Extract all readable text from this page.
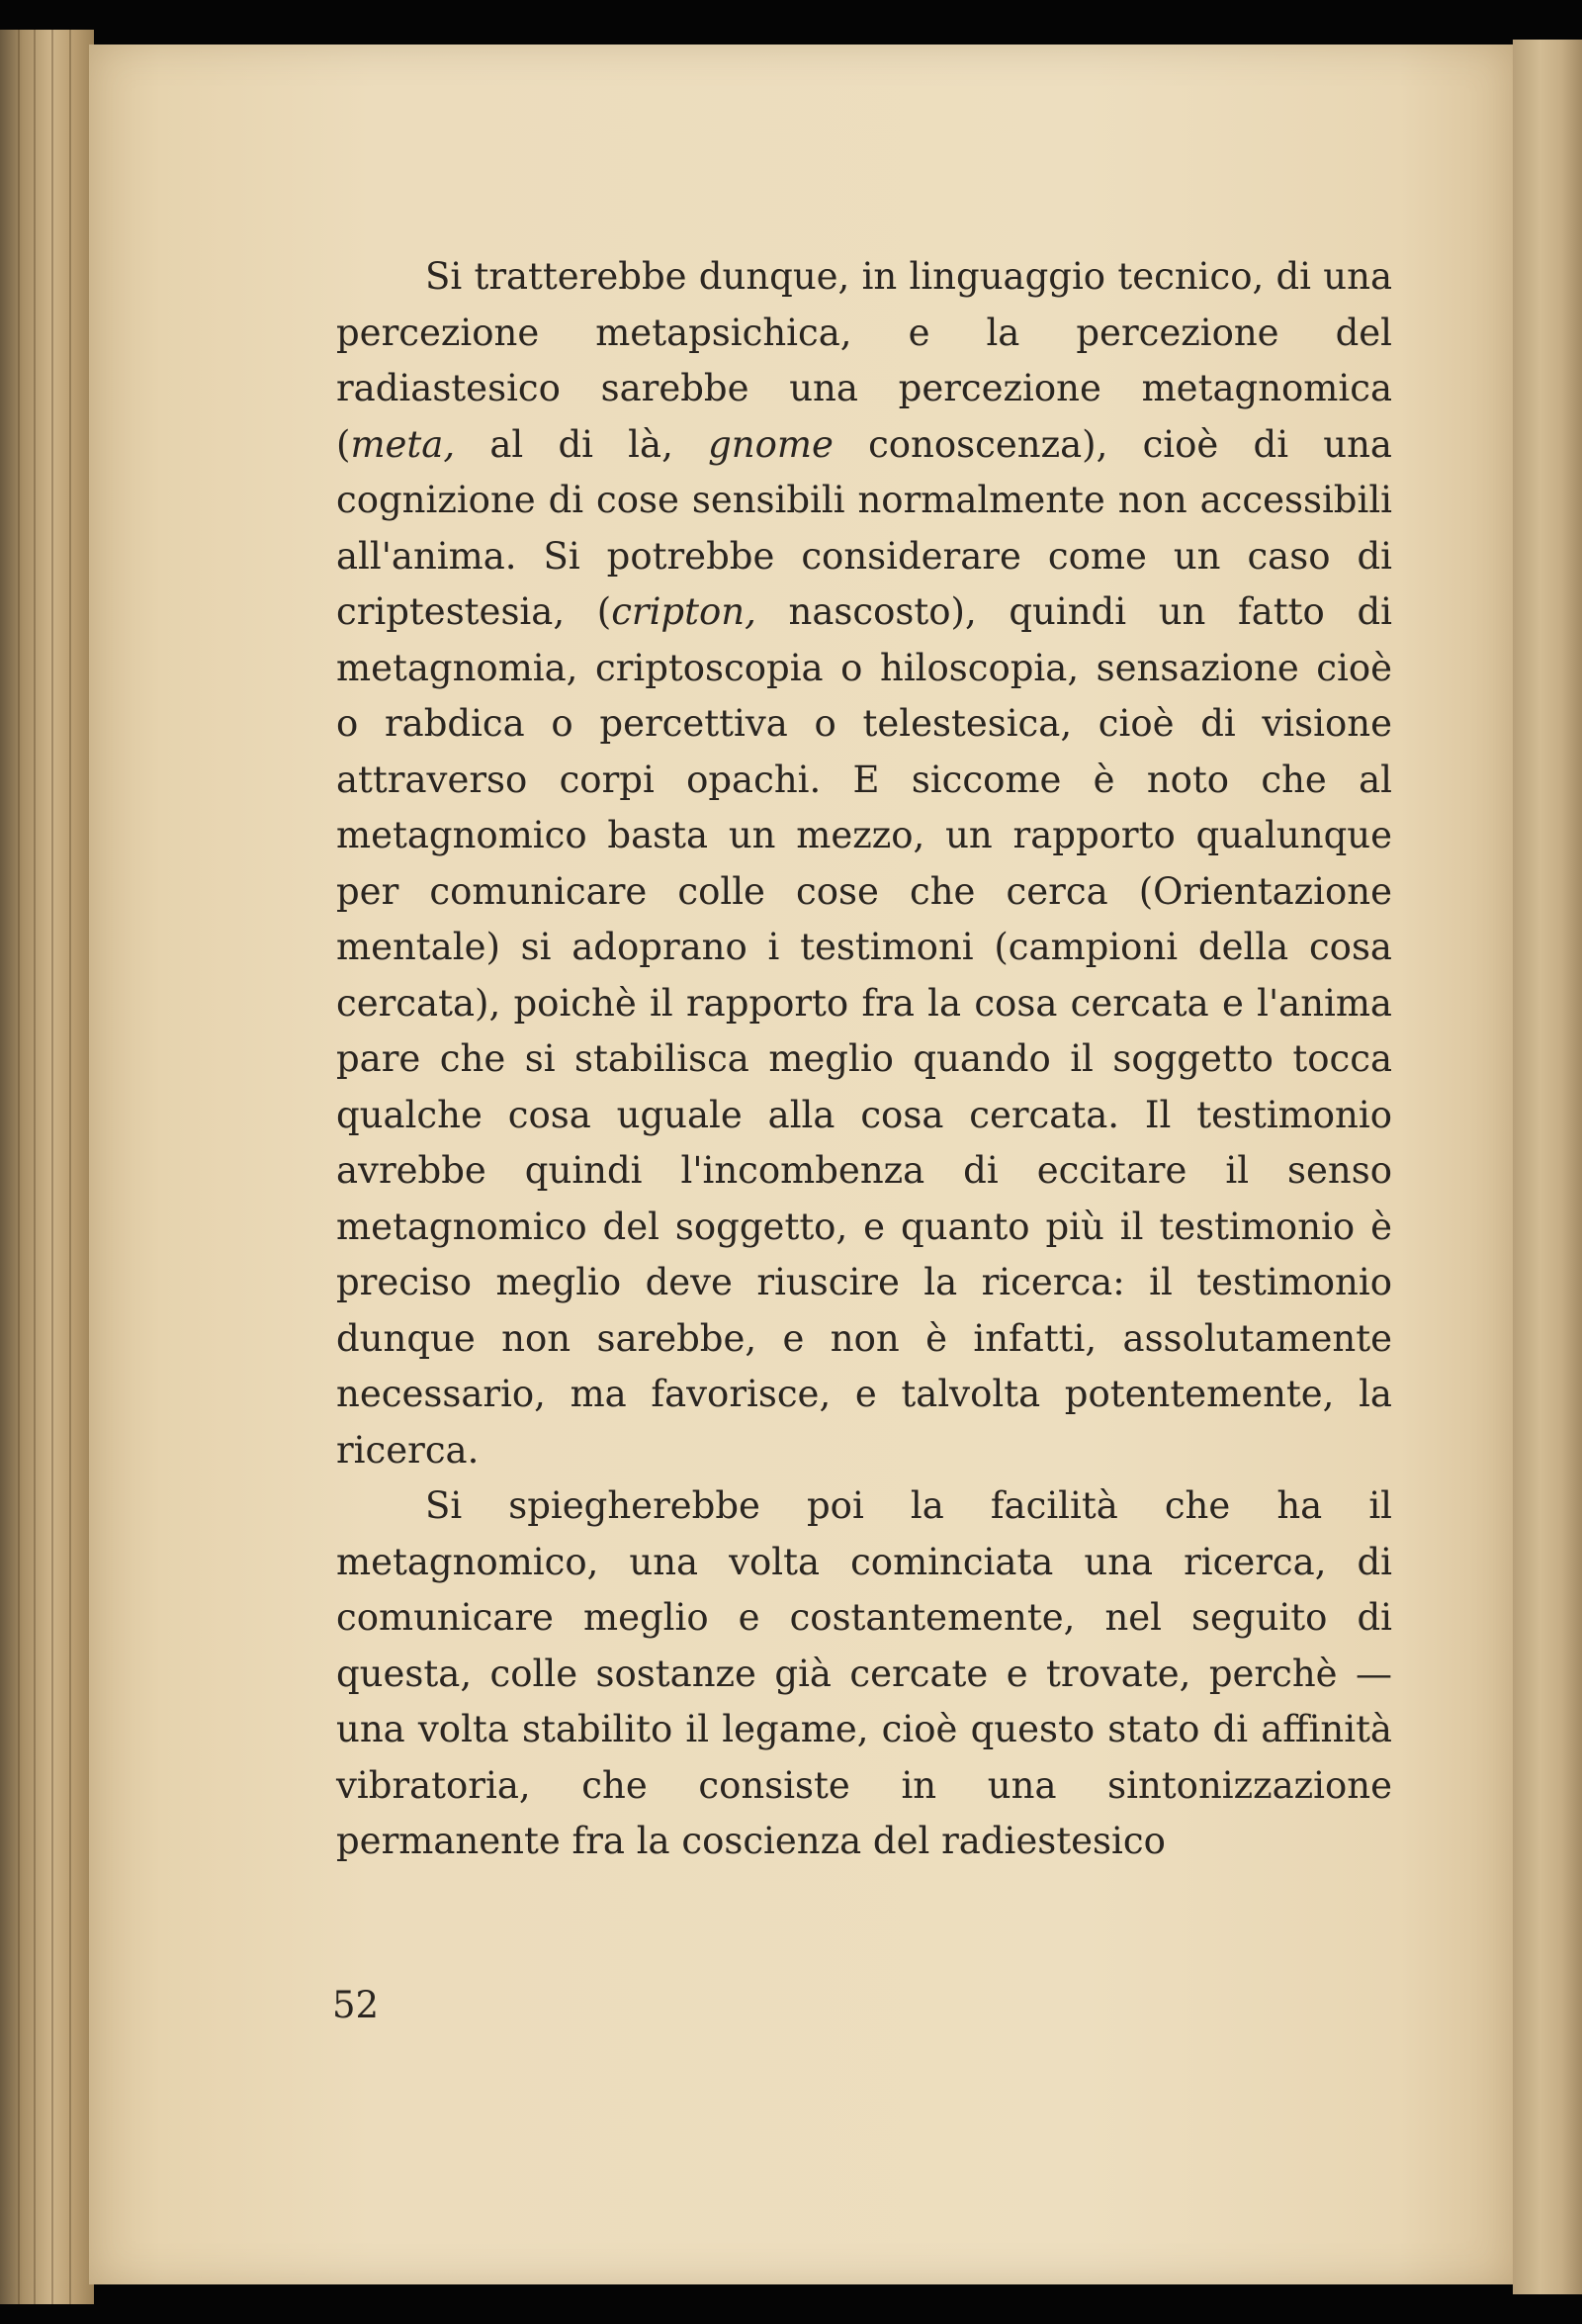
Si tratterebbe dunque, in linguaggio tecnico, di una percezione metapsichica, e la percezione del radiastesico sarebbe una percezione metagnomica (meta, al di là, gnome conoscenza), cioè di una cognizione di cose sensibili normalmente non accessibili all'anima. Si potrebbe considerare come un caso di criptestesia, (cripton, nascosto), quindi un fatto di metagnomia, criptoscopia o hiloscopia, sensazione cioè o rabdica o percettiva o telestesica, cioè di visione attraverso corpi opachi. E siccome è noto che al metagnomico basta un mezzo, un rapporto qualunque per comunicare colle cose che cerca (Orientazione mentale) si adoprano i testimoni (campioni della cosa cercata), poichè il rapporto fra la cosa cercata e l'anima pare che si stabilisca meglio quando il soggetto tocca qualche cosa uguale alla cosa cercata. Il testimonio avrebbe quindi l'incombenza di eccitare il senso metagnomico del soggetto, e quanto più il testimonio è preciso meglio deve riuscire la ricerca: il testimonio dunque non sarebbe, e non è infatti, assolutamente necessario, ma favorisce, e talvolta potentemente, la ricerca.

Si spiegherebbe poi la facilità che ha il metagnomico, una volta cominciata una ricerca, di comunicare meglio e costantemente, nel seguito di questa, colle sostanze già cercate e trovate, perchè — una volta stabilito il legame, cioè questo stato di affinità vibratoria, che consiste in una sintonizzazione permanente fra la coscienza del radiestesico

52
